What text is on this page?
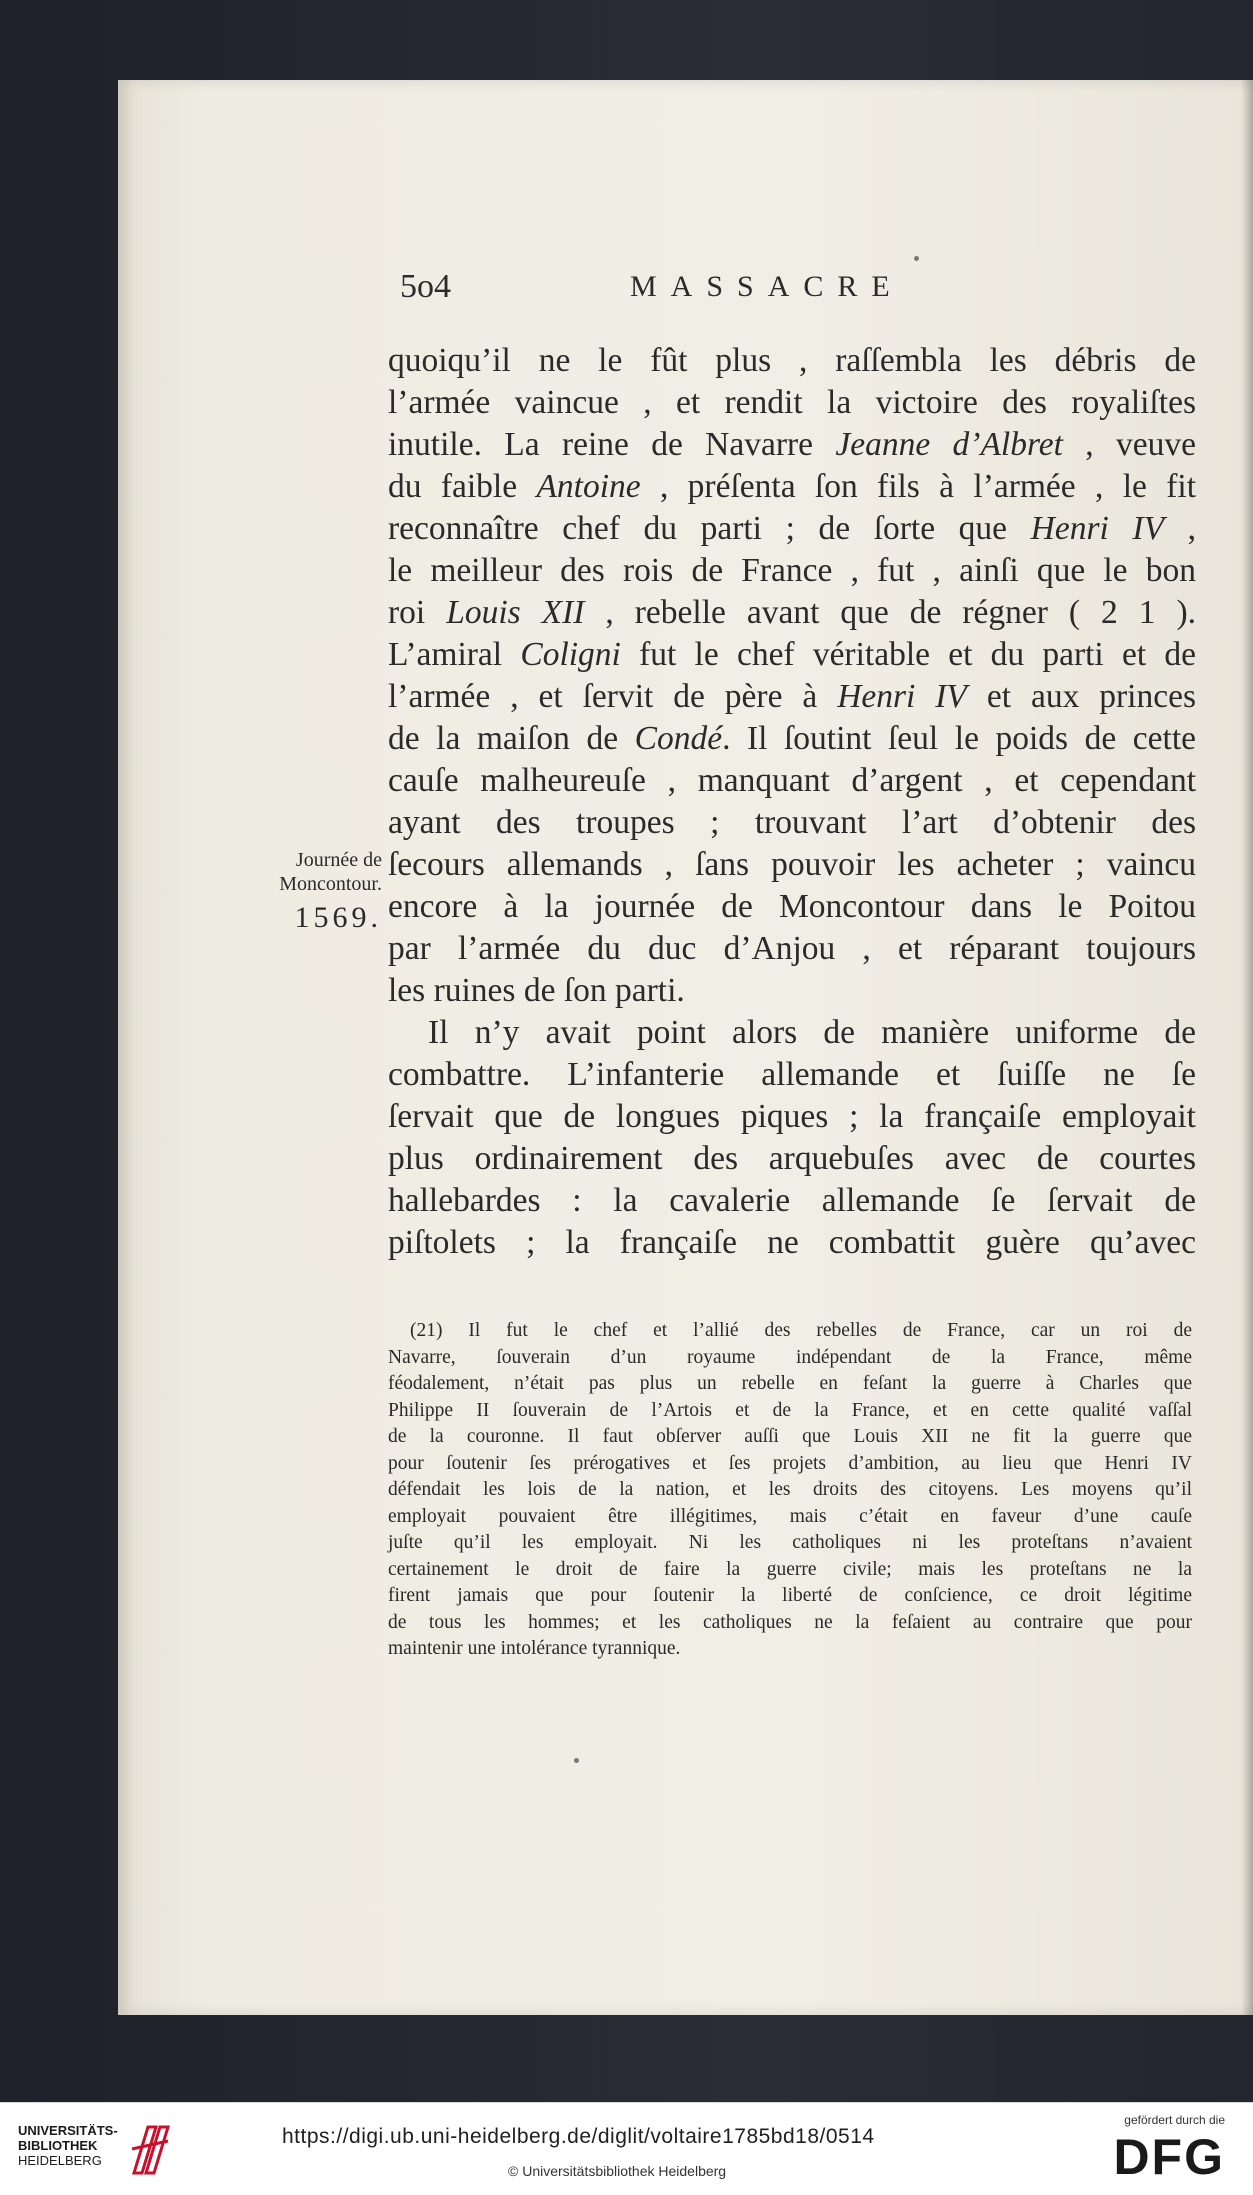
5o4	MASSACRE
quoiqu’il ne le fût plus , raſſembla les débris de
l’armée vaincue , et rendit la victoire des royaliſtes
inutile. La reine de Navarre Jeanne d’Albret , veuve
du faible Antoine , préſenta ſon fils à l’armée , le fit
reconnaître chef du parti ; de ſorte que Henri IV ,
le meilleur des rois de France , fut , ainſi que le bon
roi Louis XII , rebelle avant que de régner ( 2 1 ).
L’amiral Coligni fut le chef véritable et du parti et de
l’armée , et ſervit de père à Henri IV et aux princes
de la maiſon de Condé. Il ſoutint ſeul le poids de cette
cauſe malheureuſe , manquant d’argent , et cependant
ayant des troupes ; trouvant l’art d’obtenir des
ſecours allemands , ſans pouvoir les acheter ; vaincu
encore à la journée de Moncontour dans le Poitou
par l’armée du duc d’Anjou , et réparant toujours
les ruines de ſon parti.
Il n’y avait point alors de manière uniforme de
combattre. L’infanterie allemande et ſuiſſe ne ſe
ſervait que de longues piques ; la françaiſe employait
plus ordinairement des arquebuſes avec de courtes
hallebardes : la cavalerie allemande ſe ſervait de
piſtolets ; la françaiſe ne combattit guère qu’avec
Journée de
Moncontour.
1569.
(21) Il fut le chef et l’allié des rebelles de France, car un roi de
Navarre, ſouverain d’un royaume indépendant de la France, même
féodalement, n’était pas plus un rebelle en feſant la guerre à Charles que
Philippe II ſouverain de l’Artois et de la France, et en cette qualité vaſſal
de la couronne. Il faut obſerver auſſi que Louis XII ne fit la guerre que
pour ſoutenir ſes prérogatives et ſes projets d’ambition, au lieu que Henri IV
défendait les lois de la nation, et les droits des citoyens. Les moyens qu’il
employait pouvaient être illégitimes, mais c’était en faveur d’une cauſe
juſte qu’il les employait. Ni les catholiques ni les proteſtans n’avaient
certainement le droit de faire la guerre civile; mais les proteſtans ne la
firent jamais que pour ſoutenir la liberté de conſcience, ce droit légitime
de tous les hommes; et les catholiques ne la feſaient au contraire que pour
maintenir une intolérance tyrannique.
UNIVERSITÄTS-
BIBLIOTHEK
HEIDELBERG
https://digi.ub.uni-heidelberg.de/diglit/voltaire1785bd18/0514
© Universitätsbibliothek Heidelberg
gefördert durch die
DFG
